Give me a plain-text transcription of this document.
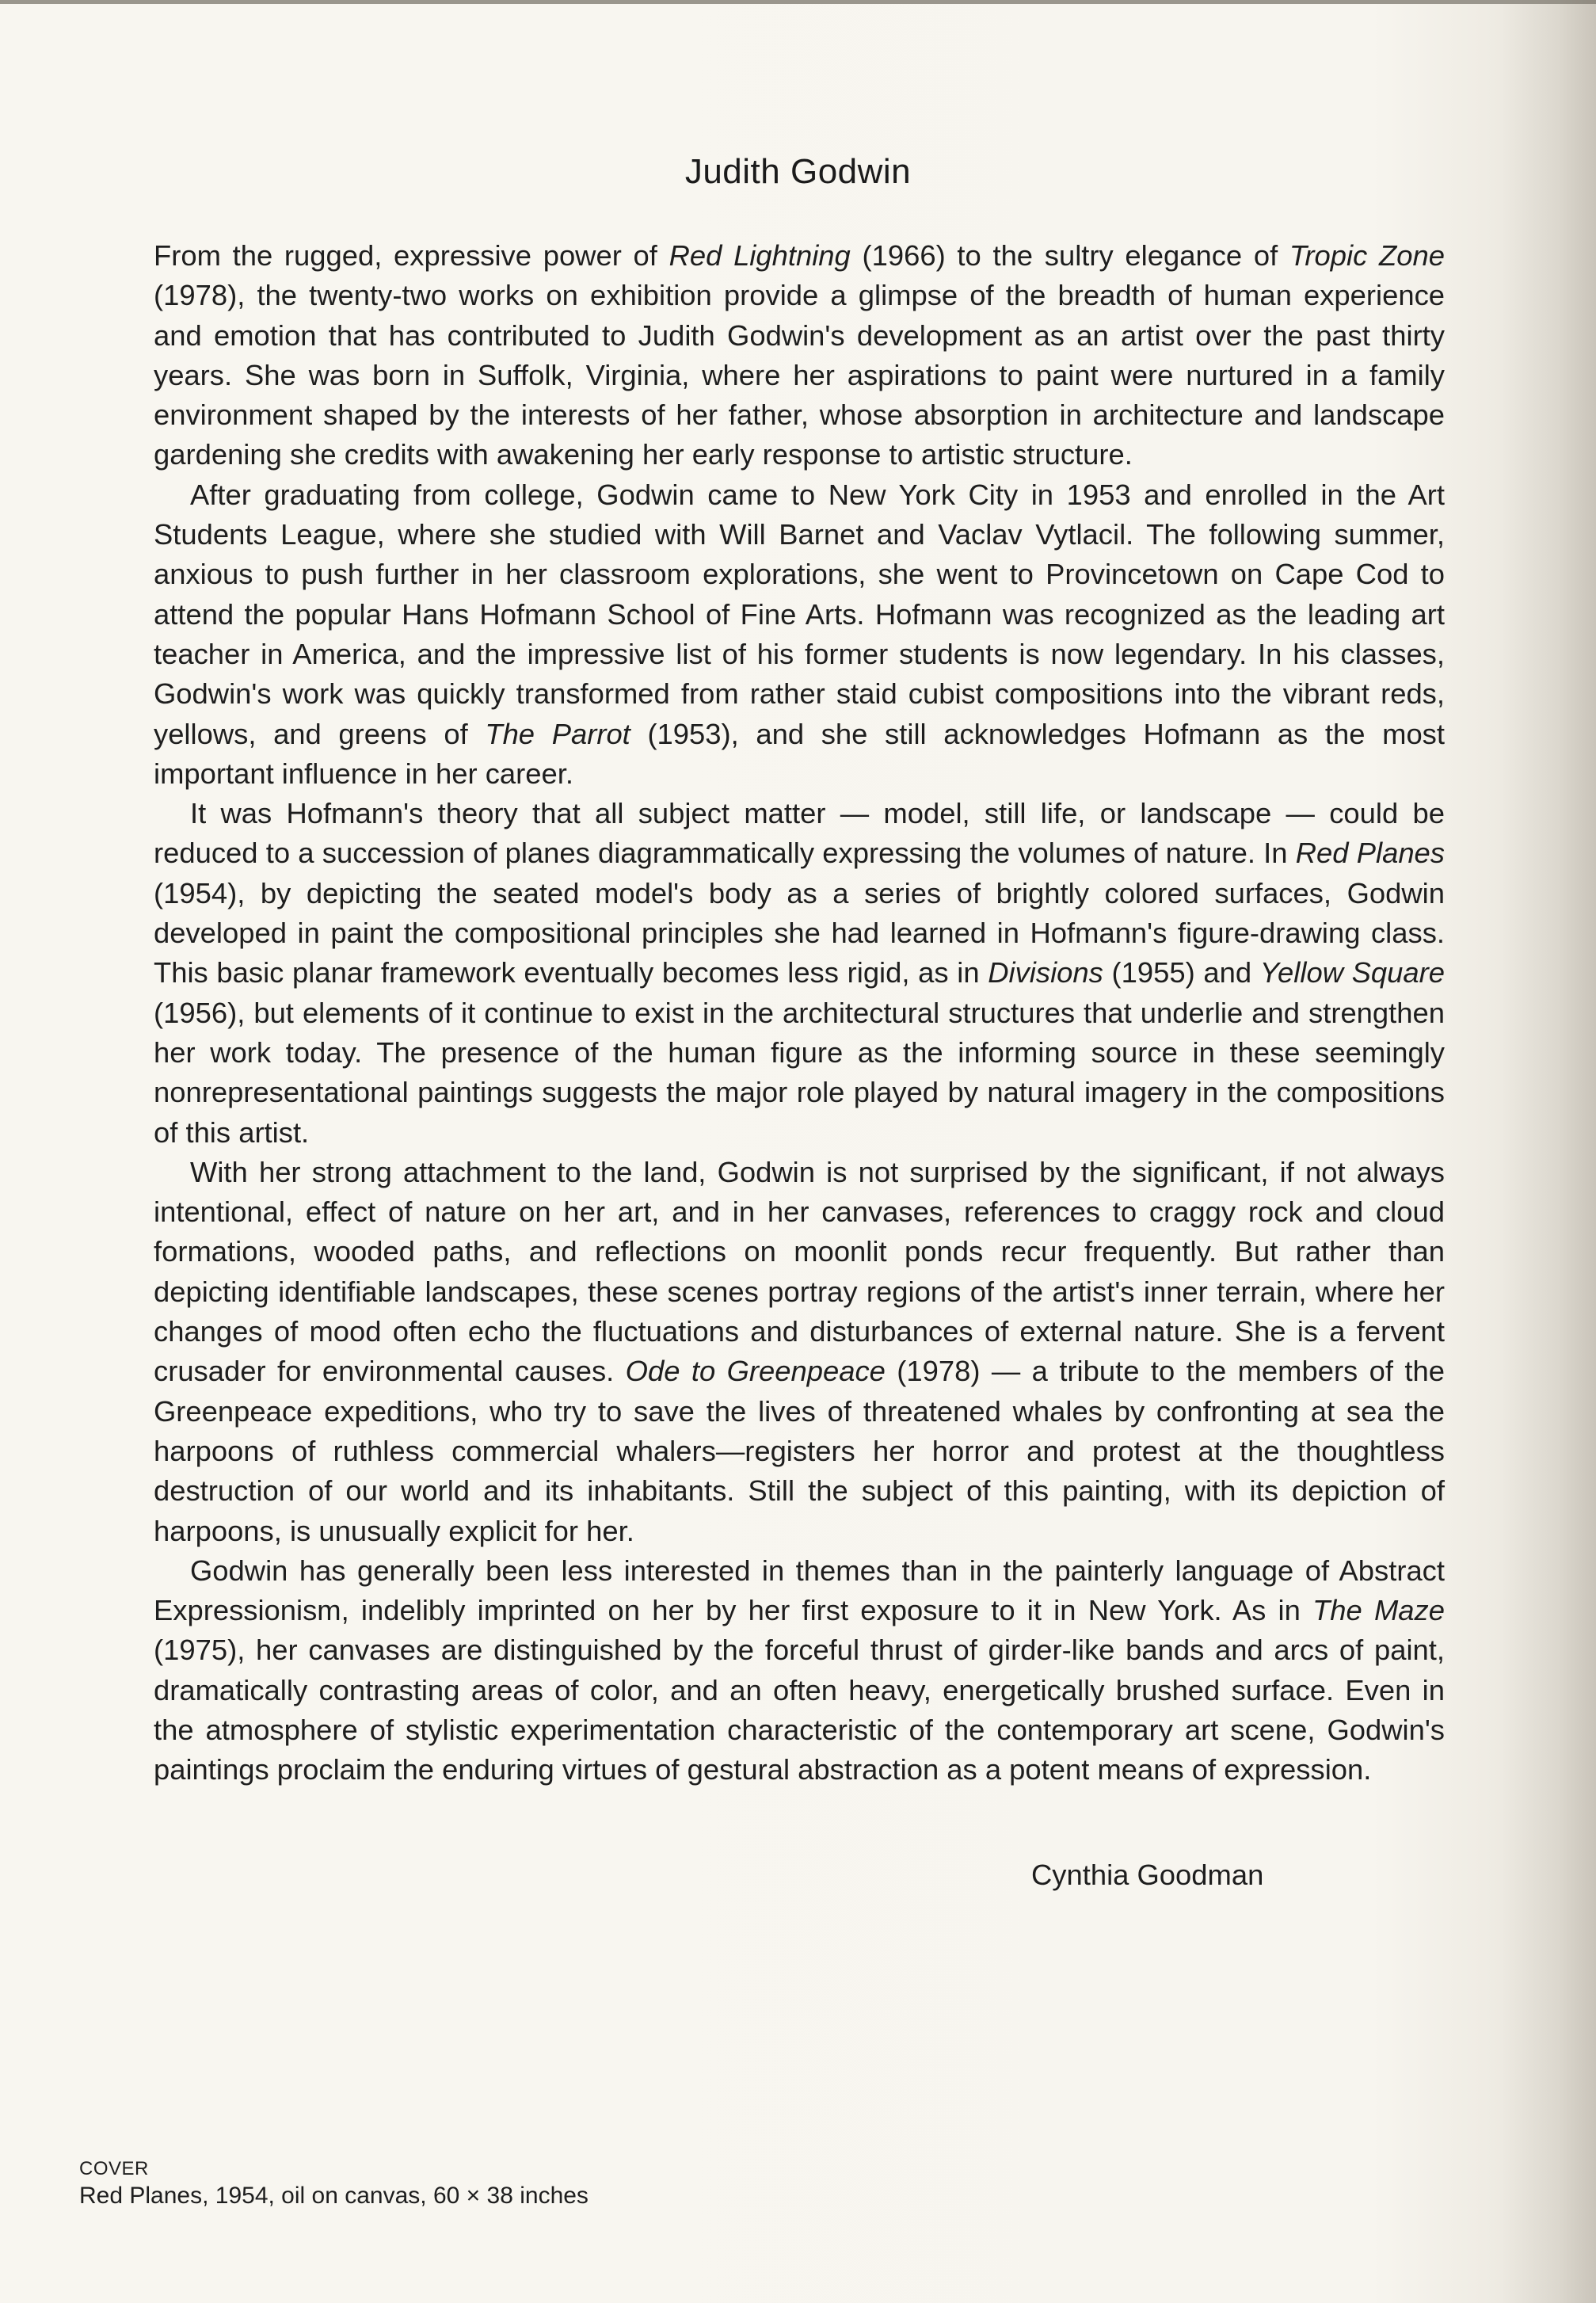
Judith Godwin

From the rugged, expressive power of Red Lightning (1966) to the sultry elegance of Tropic Zone (1978), the twenty-two works on exhibition provide a glimpse of the breadth of human experience and emotion that has contributed to Judith Godwin's development as an artist over the past thirty years. She was born in Suffolk, Virginia, where her aspirations to paint were nurtured in a family environment shaped by the interests of her father, whose absorption in architecture and landscape gardening she credits with awakening her early response to artistic structure.

After graduating from college, Godwin came to New York City in 1953 and enrolled in the Art Students League, where she studied with Will Barnet and Vaclav Vytlacil. The following summer, anxious to push further in her classroom explorations, she went to Provincetown on Cape Cod to attend the popular Hans Hofmann School of Fine Arts. Hofmann was recognized as the leading art teacher in America, and the impressive list of his former students is now legendary. In his classes, Godwin's work was quickly transformed from rather staid cubist compositions into the vibrant reds, yellows, and greens of The Parrot (1953), and she still acknowledges Hofmann as the most important influence in her career.

It was Hofmann's theory that all subject matter — model, still life, or landscape — could be reduced to a succession of planes diagrammatically expressing the volumes of nature. In Red Planes (1954), by depicting the seated model's body as a series of brightly colored surfaces, Godwin developed in paint the compositional principles she had learned in Hofmann's figure-drawing class. This basic planar framework eventually becomes less rigid, as in Divisions (1955) and Yellow Square (1956), but elements of it continue to exist in the architectural structures that underlie and strengthen her work today. The presence of the human figure as the informing source in these seemingly nonrepresentational paintings suggests the major role played by natural imagery in the compositions of this artist.

With her strong attachment to the land, Godwin is not surprised by the significant, if not always intentional, effect of nature on her art, and in her canvases, references to craggy rock and cloud formations, wooded paths, and reflections on moonlit ponds recur frequently. But rather than depicting identifiable landscapes, these scenes portray regions of the artist's inner terrain, where her changes of mood often echo the fluctuations and disturbances of external nature. She is a fervent crusader for environmental causes. Ode to Greenpeace (1978) — a tribute to the members of the Greenpeace expeditions, who try to save the lives of threatened whales by confronting at sea the harpoons of ruthless commercial whalers—registers her horror and protest at the thoughtless destruction of our world and its inhabitants. Still the subject of this painting, with its depiction of harpoons, is unusually explicit for her.

Godwin has generally been less interested in themes than in the painterly language of Abstract Expressionism, indelibly imprinted on her by her first exposure to it in New York. As in The Maze (1975), her canvases are distinguished by the forceful thrust of girder-like bands and arcs of paint, dramatically contrasting areas of color, and an often heavy, energetically brushed surface. Even in the atmosphere of stylistic experimentation characteristic of the contemporary art scene, Godwin's paintings proclaim the enduring virtues of gestural abstraction as a potent means of expression.

Cynthia Goodman
COVER
Red Planes, 1954, oil on canvas, 60 × 38 inches
